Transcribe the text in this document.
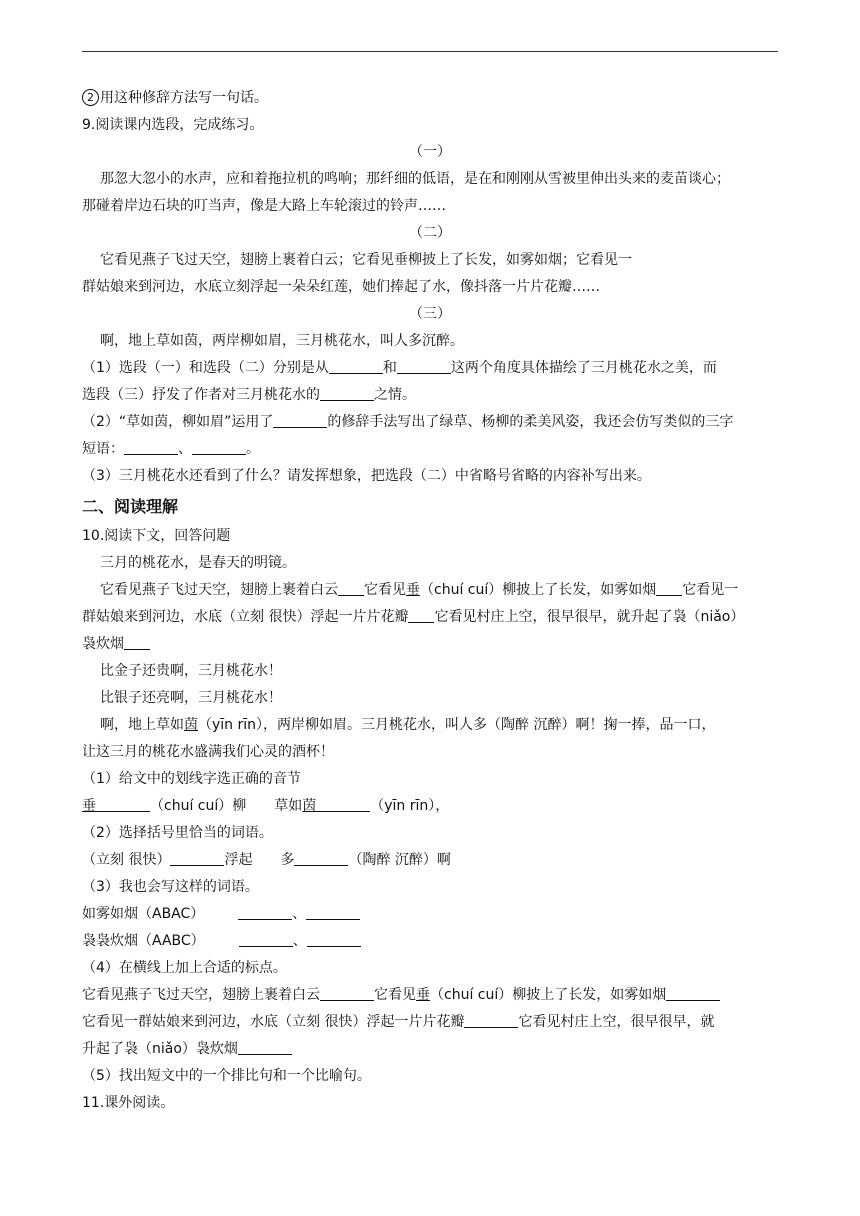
2 用这种修辞方法写一句话。
9.阅读课内选段，完成练习。
（一）
那忽大忽小的水声，应和着拖拉机的鸣响；那纤细的低语，是在和刚刚从雪被里伸出头来的麦苗谈心；
那碰着岸边石块的叮当声，像是大路上车轮滚过的铃声……
（二）
它看见燕子飞过天空，翅膀上裹着白云；它看见垂柳披上了长发，如雾如烟；它看见一
群姑娘来到河边，水底立刻浮起一朵朵红莲，她们捧起了水，像抖落一片片花瓣……
（三）
啊，地上草如茵，两岸柳如眉，三月桃花水，叫人多沉醉。
（1）选段（一）和选段（二）分别是从	和	这两个角度具体描绘了三月桃花水之美，而
选段（三）抒发了作者对三月桃花水的	之情。
（2）“草如茵，柳如眉”运用了	的修辞手法写出了绿草、杨柳的柔美风姿，我还会仿写类似的三字
短语：	、	。
（3）三月桃花水还看到了什么？请发挥想象，把选段（二）中省略号省略的内容补写出来。
二、阅读理解
10.阅读下文，回答问题
三月的桃花水，是春天的明镜。
它看见燕子飞过天空，翅膀上裹着白云 它看见垂（chuí cuí）柳披上了长发，如雾如烟 它看见一
群姑娘来到河边，水底（立刻 很快）浮起一片片花瓣 它看见村庄上空，很早很早，就升起了袅（niǎo）
袅炊烟
比金子还贵啊，三月桃花水！
比银子还亮啊，三月桃花水！
啊，地上草如茵（yīn rīn），两岸柳如眉。三月桃花水，叫人多（陶醉 沉醉）啊！掬一捧，品一口，
让这三月的桃花水盛满我们心灵的酒杯！
（1）给文中的划线字选正确的音节
垂	（chuí cuí）柳 草如茵	（yīn rīn），
（2）选择括号里恰当的词语。
（立刻 很快）	浮起 多	（陶醉 沉醉）啊
（3）我也会写这样的词语。
如雾如烟（ABAC）	、
袅袅炊烟（AABC）	、
（4）在横线上加上合适的标点。
它看见燕子飞过天空，翅膀上裹着白云	它看见垂（chuí cuí）柳披上了长发，如雾如烟
它看见一群姑娘来到河边，水底（立刻 很快）浮起一片片花瓣	它看见村庄上空，很早很早，就
升起了袅（niǎo）袅炊烟
（5）找出短文中的一个排比句和一个比喻句。
11.课外阅读。
